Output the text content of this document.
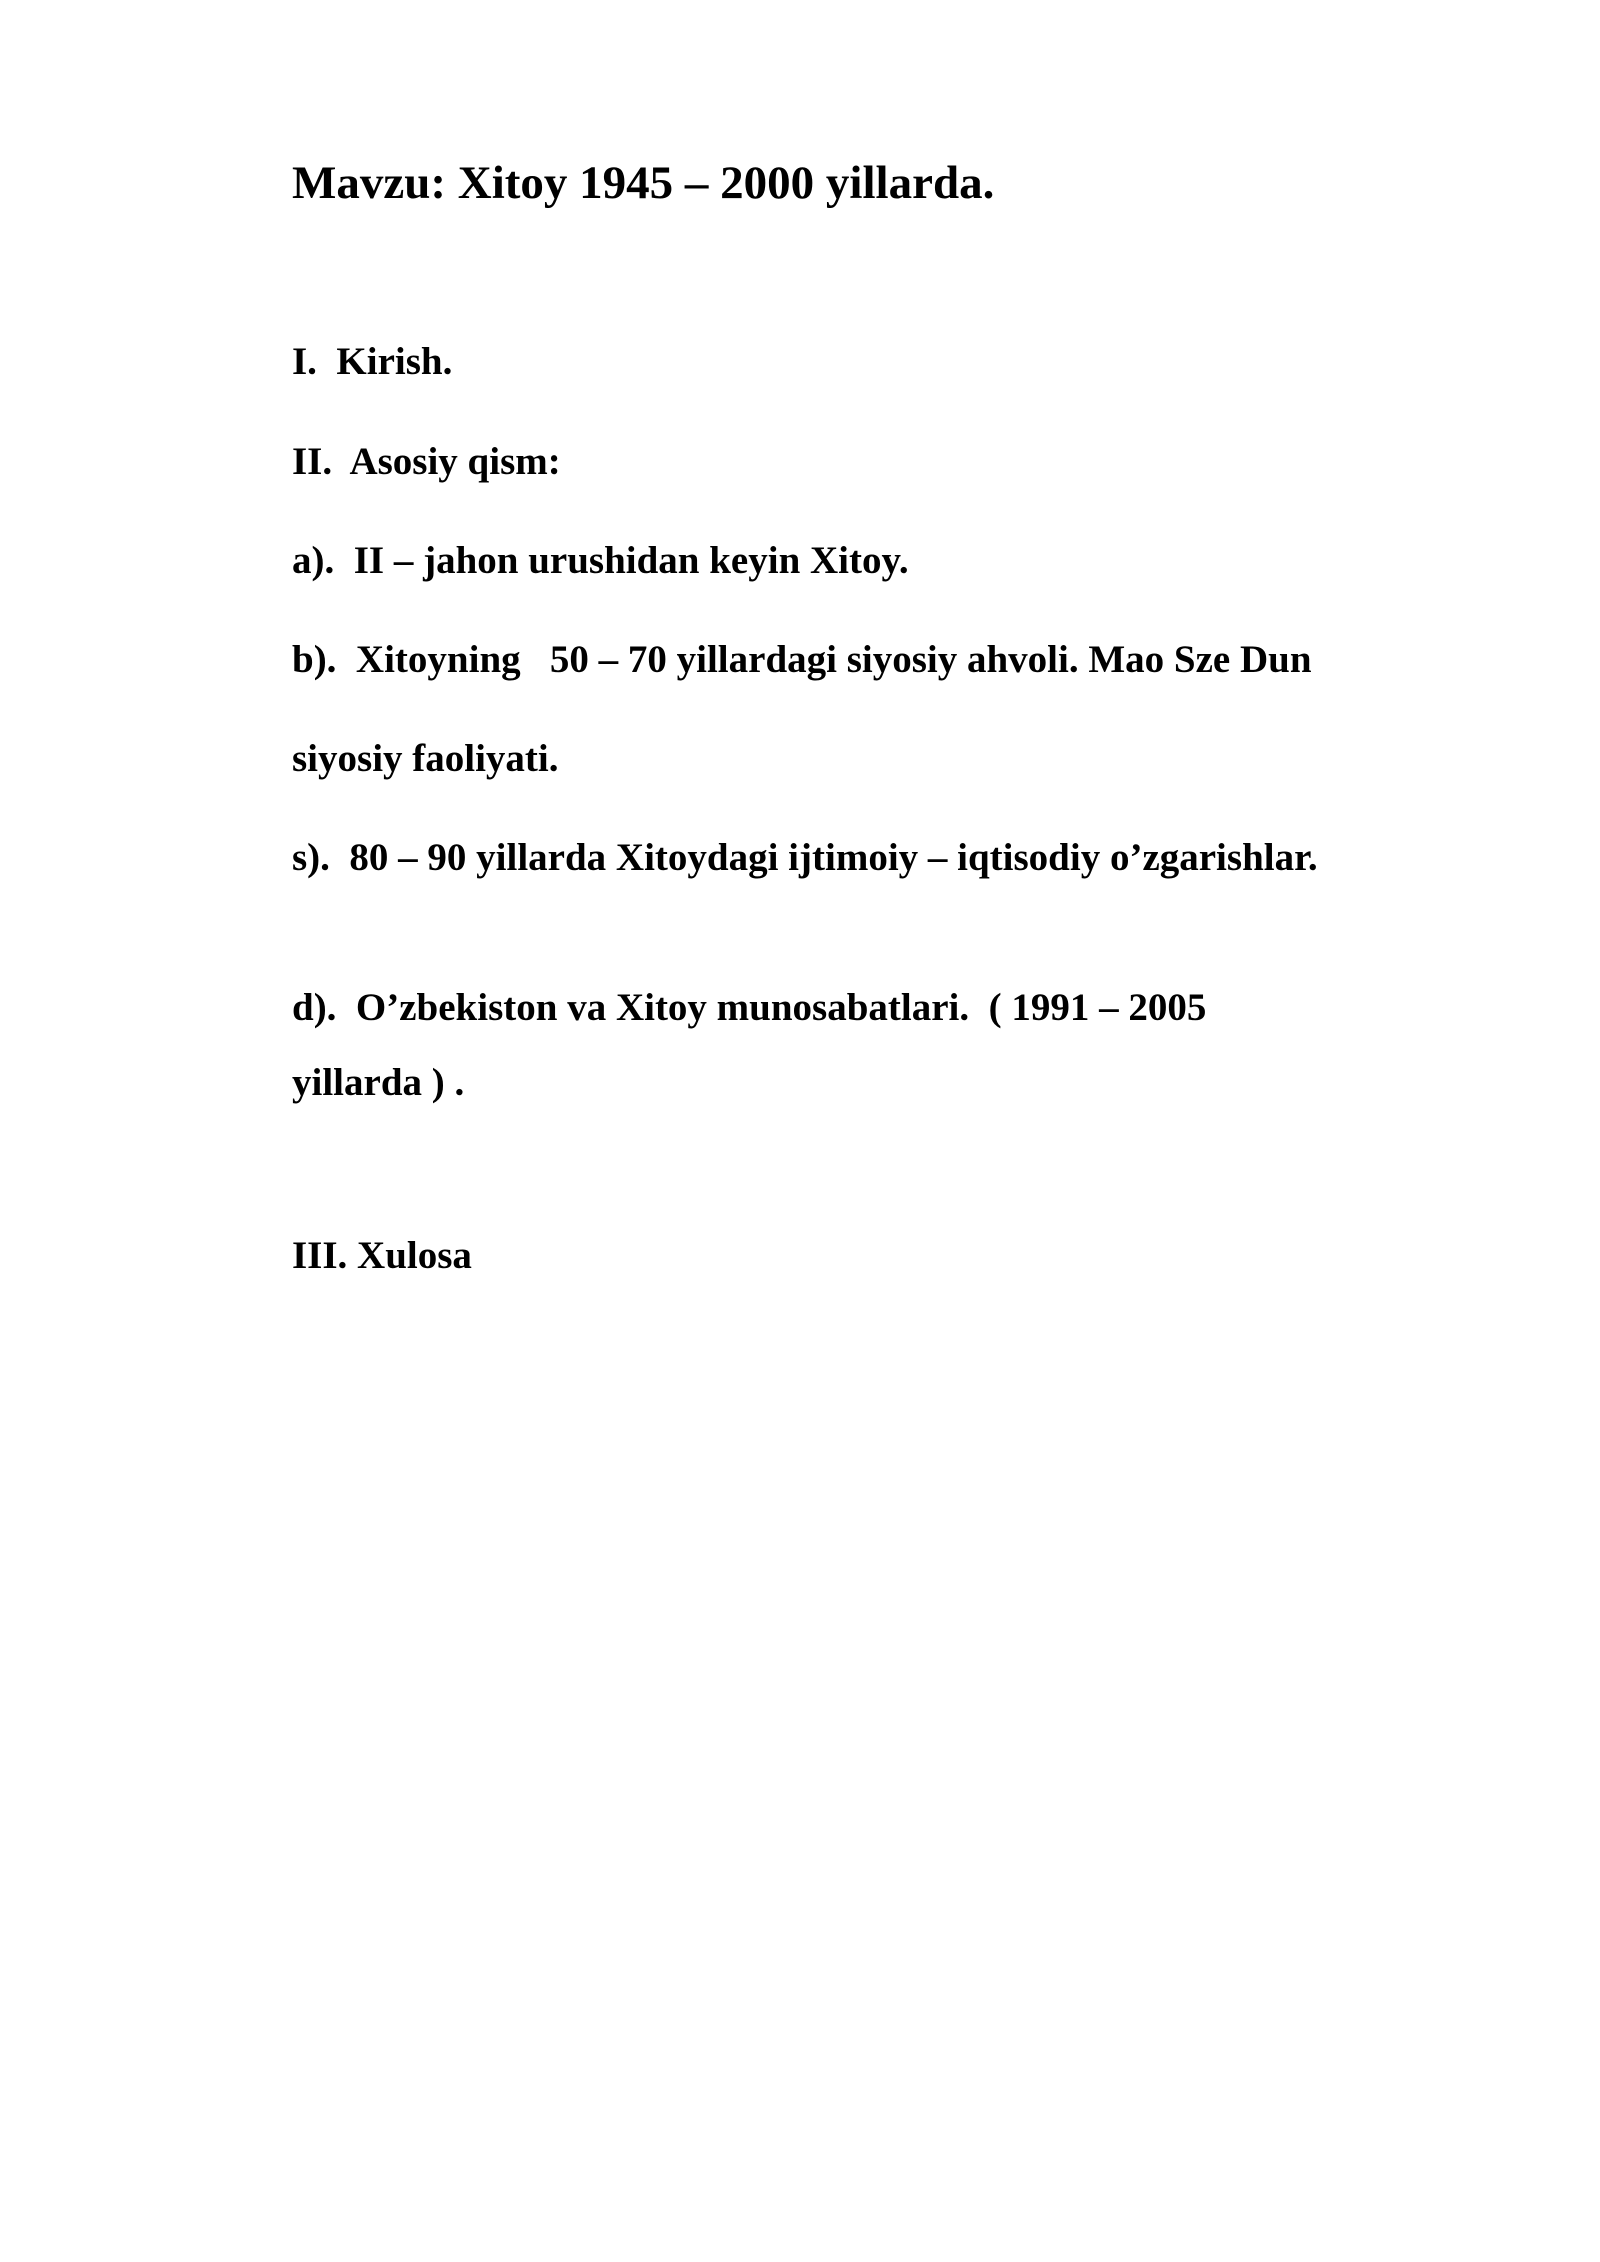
Mavzu: Xitoy 1945 – 2000 yillarda.

I.  Kirish.

II.  Asosiy qism:

a).  II – jahon urushidan keyin Xitoy.

b).  Xitoyning   50 – 70 yillardagi siyosiy ahvoli. Mao Sze Dun

siyosiy faoliyati.

s).  80 – 90 yillarda Xitoydagi ijtimoiy – iqtisodiy o’zgarishlar.

d).  O’zbekiston va Xitoy munosabatlari.  ( 1991 – 2005

yillarda ) .

III. Xulosa
